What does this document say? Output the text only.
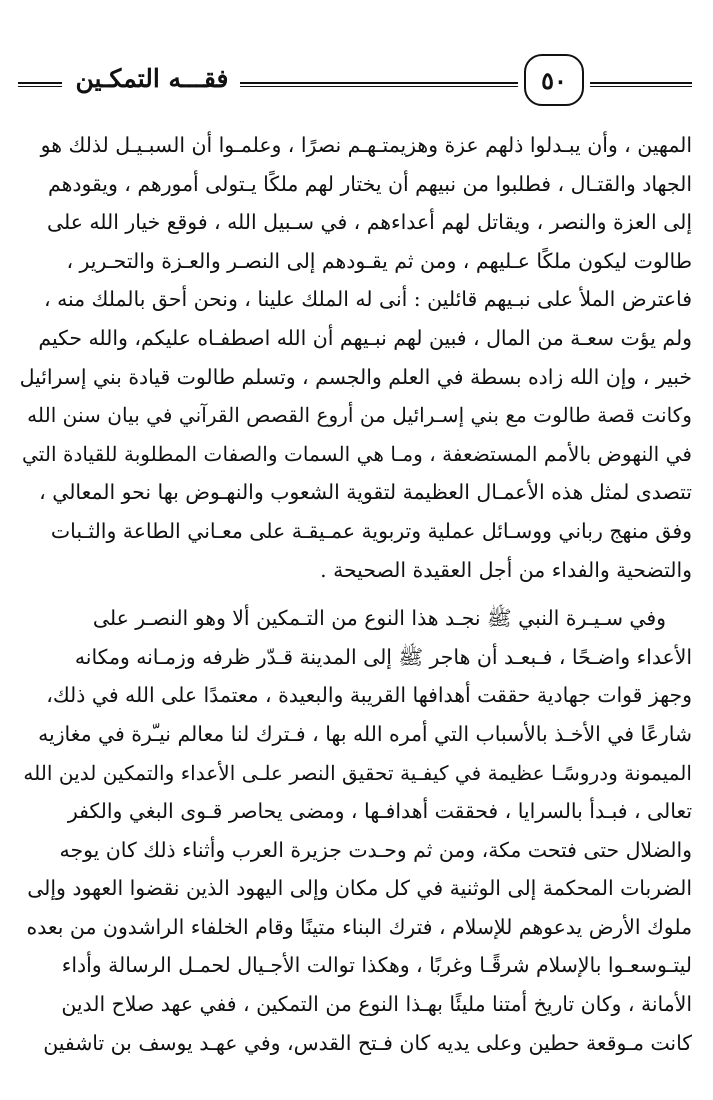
فقـــه التمكـين	٥٠
المهين ، وأن يبـدلوا ذلهم عزة وهزيمتـهـم نصرًا ، وعلمـوا أن السبـيـل لذلك هو
الجهاد والقتـال ، فطلبوا من نبيهم أن يختار لهم ملكًا يـتولى أمورهم ، ويقودهم
إلى العزة والنصر ، ويقاتل لهم أعداءهم ، في سـبيل الله ، فوقع خيار الله على
طالوت ليكون ملكًا عـليهم ، ومن ثم يقـودهم إلى النصـر والعـزة والتحـرير ،
فاعترض الملأ على نبـيهم قائلين : أنى له الملك علينا ، ونحن أحق بالملك منه ،
ولم يؤت سعـة من المال ، فبين لهم نبـيهم أن الله اصطفـاه عليكم، والله حكيم
خبير ، وإن الله زاده بسطة في العلم والجسم ، وتسلم طالوت قيادة بني إسرائيل
وكانت قصة طالوت مع بني إسـرائيل من أروع القصص القرآني في بيان سنن الله
في النهوض بالأمم المستضعفة ، ومـا هي السمات والصفات المطلوبة للقيادة التي
تتصدى لمثل هذه الأعمـال العظيمة لتقوية الشعوب والنهـوض بها نحو المعالي ،
وفق منهج رباني ووسـائل عملية وتربوية عمـيقـة على معـاني الطاعة والثـبات
والتضحية والفداء من أجل العقيدة الصحيحة .
وفي سـيـرة النبي ﷺ نجـد هذا النوع من التـمكين ألا وهو النصـر على
الأعداء واضـحًا ، فـبعـد أن هاجر ﷺ إلى المدينة قـدّر ظرفه وزمـانه ومكانه
وجهز قوات جهادية حققت أهدافها القريبة والبعيدة ، معتمدًا على الله في ذلك،
شارعًا في الأخـذ بالأسباب التي أمره الله بها ، فـترك لنا معالم نيـّرة في مغازيه
الميمونة ودروسًـا عظيمة في كيفـية تحقيق النصر علـى الأعداء والتمكين لدين الله
تعالى ، فبـدأ بالسرايا ، فحققت أهدافـها ، ومضى يحاصر قـوى البغي والكفر
والضلال حتى فتحت مكة، ومن ثم وحـدت جزيرة العرب وأثناء ذلك كان يوجه
الضربات المحكمة إلى الوثنية في كل مكان وإلى اليهود الذين نقضوا العهود وإلى
ملوك الأرض يدعوهم للإسلام ، فترك البناء متينًا وقام الخلفاء الراشدون من بعده
ليتـوسعـوا بالإسلام شرقًـا وغربًا ، وهكذا توالت الأجـيال لحمـل الرسالة وأداء
الأمانة ، وكان تاريخ أمتنا مليئًا بهـذا النوع من التمكين ، ففي عهد صلاح الدين
كانت مـوقعة حطين وعلى يديه كان فـتح القدس، وفي عهـد يوسف بن تاشفين
